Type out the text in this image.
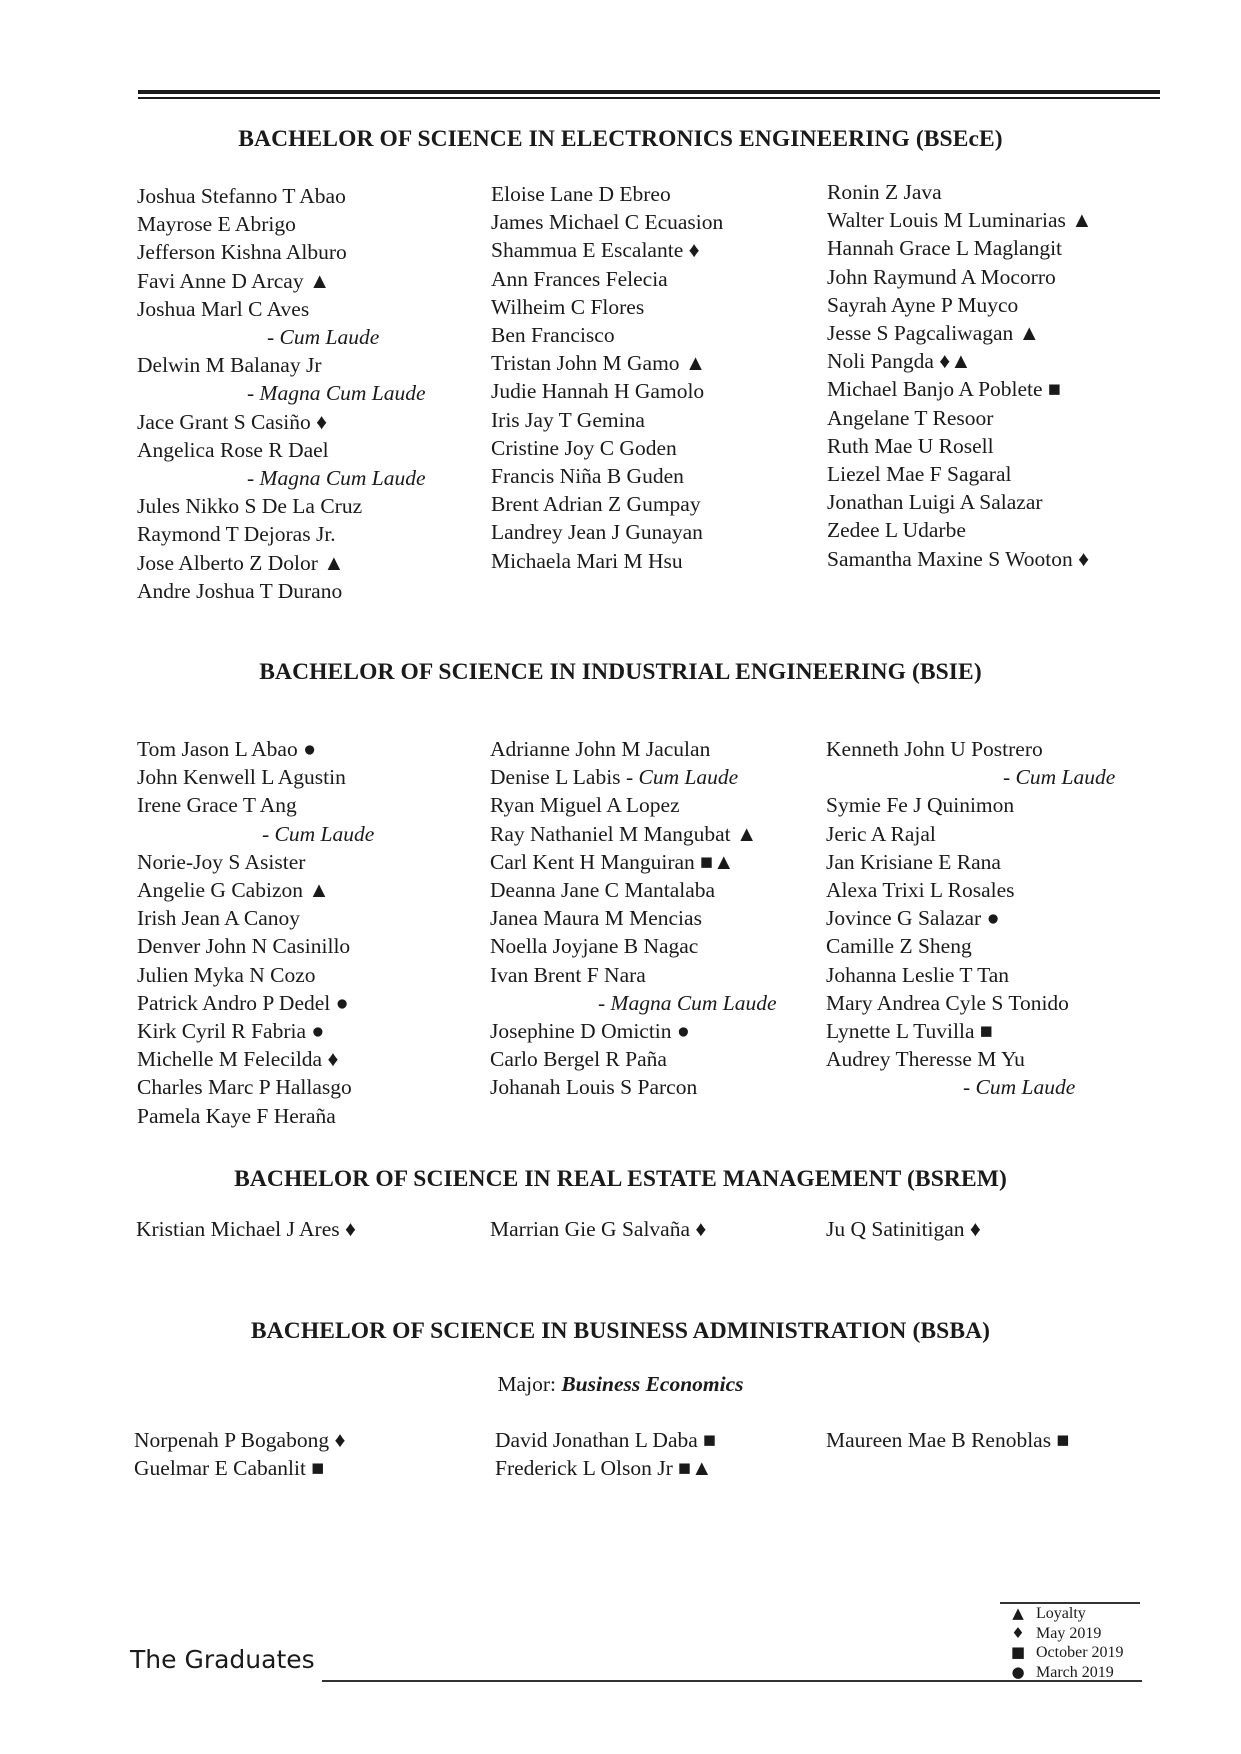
BACHELOR OF SCIENCE IN ELECTRONICS ENGINEERING (BSEcE)
Joshua Stefanno T Abao
Mayrose E Abrigo
Jefferson Kishna Alburo
Favi Anne D Arcay ▲
Joshua Marl C Aves
- Cum Laude
Delwin M Balanay Jr
- Magna Cum Laude
Jace Grant S Casiño ♦
Angelica Rose R Dael
- Magna Cum Laude
Jules Nikko S De La Cruz
Raymond T Dejoras Jr.
Jose Alberto Z Dolor ▲
Andre Joshua T Durano
Eloise Lane D Ebreo
James Michael C Ecuasion
Shammua E Escalante ♦
Ann Frances Felecia
Wilheim C Flores
Ben Francisco
Tristan John M Gamo ▲
Judie Hannah H Gamolo
Iris Jay T Gemina
Cristine Joy C Goden
Francis Niña B Guden
Brent Adrian Z Gumpay
Landrey Jean J Gunayan
Michaela Mari M Hsu
Ronin Z Java
Walter Louis M Luminarias ▲
Hannah Grace L Maglangit
John Raymund A Mocorro
Sayrah Ayne P Muyco
Jesse S Pagcaliwagan ▲
Noli Pangda ♦▲
Michael Banjo A Poblete ■
Angelane T Resoor
Ruth Mae U Rosell
Liezel Mae F Sagaral
Jonathan Luigi A Salazar
Zedee L Udarbe
Samantha Maxine S Wooton ♦
BACHELOR OF SCIENCE IN INDUSTRIAL ENGINEERING (BSIE)
Tom Jason L Abao ●
John Kenwell L Agustin
Irene Grace T Ang
- Cum Laude
Norie-Joy S Asister
Angelie G Cabizon ▲
Irish Jean A Canoy
Denver John N Casinillo
Julien Myka N Cozo
Patrick Andro P Dedel ●
Kirk Cyril R Fabria ●
Michelle M Felecilda ♦
Charles Marc P Hallasgo
Pamela Kaye F Heraña
Adrianne John M Jaculan
Denise L Labis - Cum Laude
Ryan Miguel A Lopez
Ray Nathaniel M Mangubat ▲
Carl Kent H Manguiran ■▲
Deanna Jane C Mantalaba
Janea Maura M Mencias
Noella Joyjane B Nagac
Ivan Brent F Nara
- Magna Cum Laude
Josephine D Omictin ●
Carlo Bergel R Paña
Johanah Louis S Parcon
Kenneth John U Postrero
- Cum Laude
Symie Fe J Quinimon
Jeric A Rajal
Jan Krisiane E Rana
Alexa Trixi L Rosales
Jovince G Salazar ●
Camille Z Sheng
Johanna Leslie T Tan
Mary Andrea Cyle S Tonido
Lynette L Tuvilla ■
Audrey Theresse M Yu
- Cum Laude
BACHELOR OF SCIENCE IN REAL ESTATE MANAGEMENT (BSREM)
Kristian Michael J Ares ♦	Marrian Gie G Salvaña ♦	Ju Q Satinitigan ♦
BACHELOR OF SCIENCE IN BUSINESS ADMINISTRATION (BSBA)
Major: Business Economics
Norpenah P Bogabong ♦
Guelmar E Cabanlit ■
David Jonathan L Daba ■
Frederick L Olson Jr ■▲
Maureen Mae B Renoblas ■
▲ Loyalty
♦ May 2019
■ October 2019
● March 2019
The Graduates
